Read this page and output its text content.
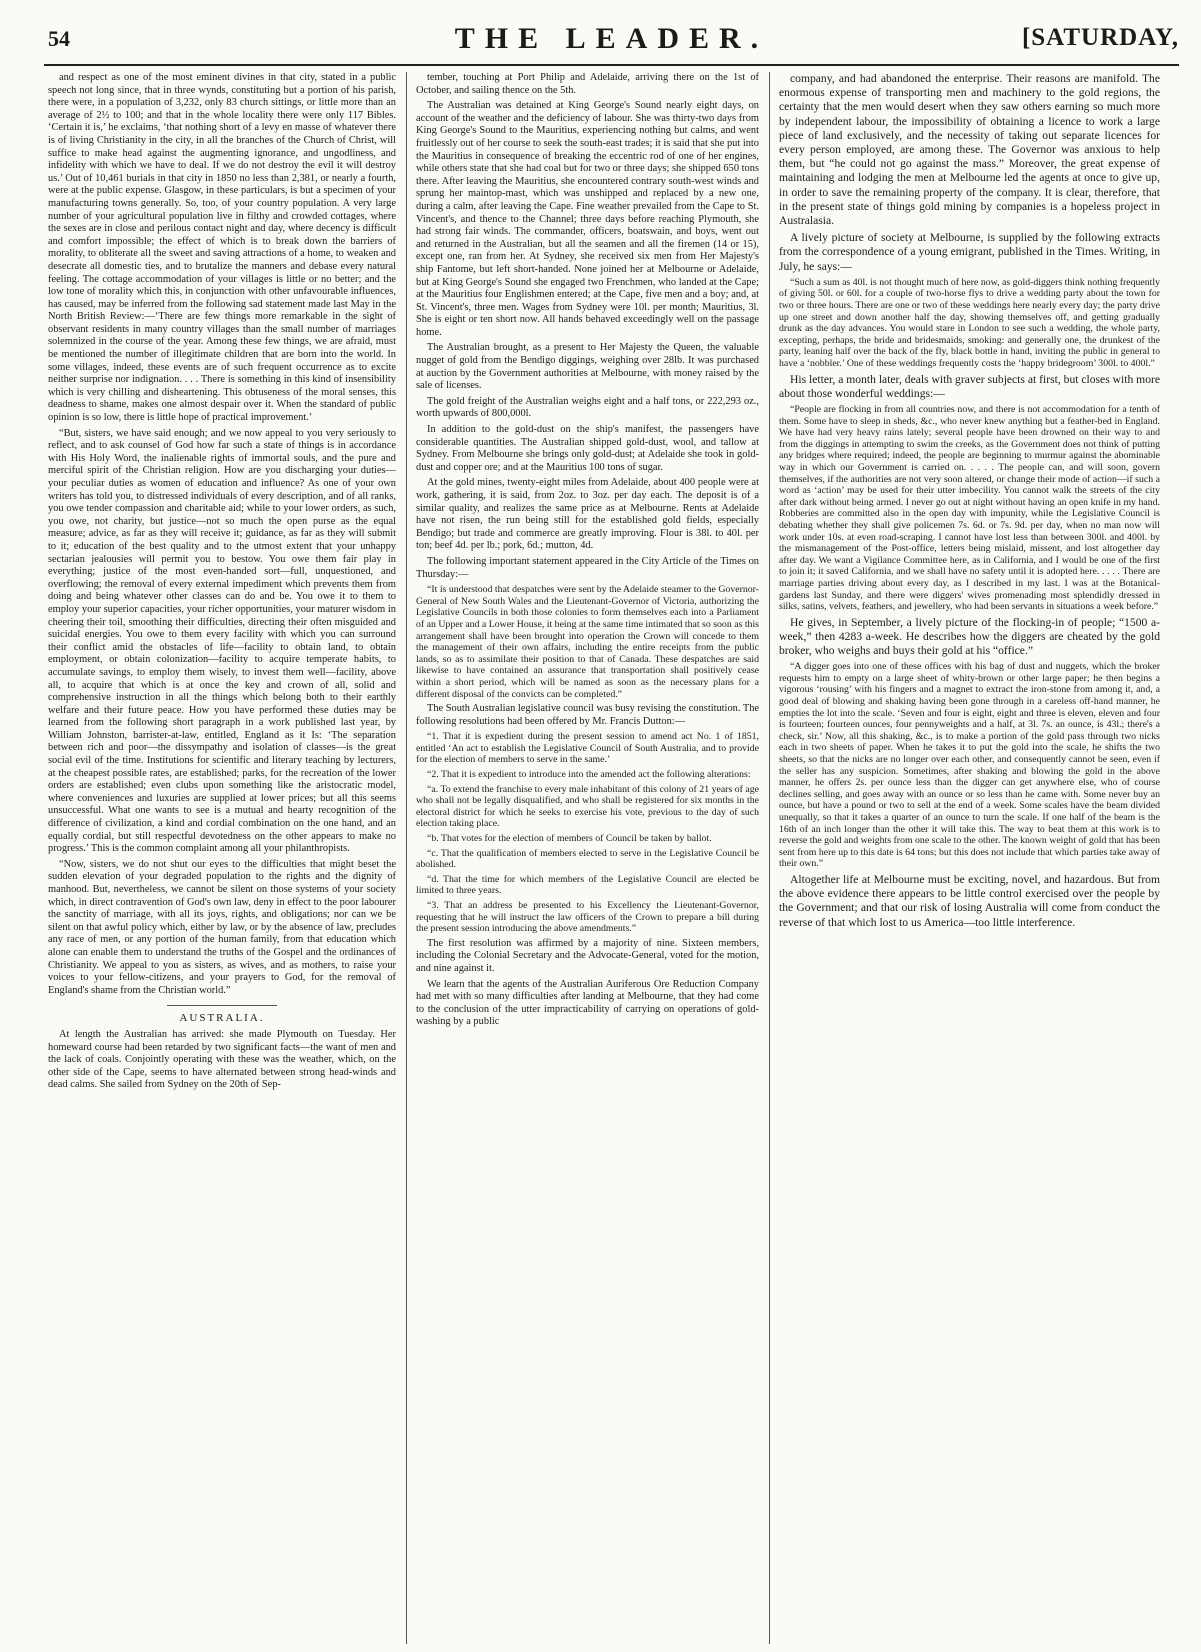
54	THE LEADER.	[SATURDAY,

and respect as one of the most eminent divines in that city, stated in a public speech not long since, that in three wynds, constituting but a portion of his parish, there were, in a population of 3,232, only 83 church sittings, or little more than an average of 2½ to 100; and that in the whole locality there were only 117 Bibles. ‘Certain it is,’ he exclaims, ‘that nothing short of a levy en masse of whatever there is of living Christianity in the city, in all the branches of the Church of Christ, will suffice to make head against the augmenting ignorance, and ungodliness, and infidelity with which we have to deal. If we do not destroy the evil it will destroy us.’ Out of 10,461 burials in that city in 1850 no less than 2,381, or nearly a fourth, were at the public expense. Glasgow, in these particulars, is but a specimen of your manufacturing towns generally. So, too, of your country population. A very large number of your agricultural population live in filthy and crowded cottages, where the sexes are in close and perilous contact night and day, where decency is difficult and comfort impossible; the effect of which is to break down the barriers of morality, to obliterate all the sweet and saving attractions of a home, to weaken and desecrate all domestic ties, and to brutalize the manners and debase every natural feeling. The cottage accommodation of your villages is little or no better; and the low tone of morality which this, in conjunction with other unfavourable influences, has caused, may be inferred from the following sad statement made last May in the North British Review:—‘There are few things more remarkable in the sight of observant residents in many country villages than the small number of marriages solemnized in the course of the year. Among these few things, we are afraid, must be mentioned the number of illegitimate children that are born into the world. In some villages, indeed, these events are of such frequent occurrence as to excite neither surprise nor indignation. . . . There is something in this kind of insensibility which is very chilling and disheartening. This obtuseness of the moral senses, this deadness to shame, makes one almost despair over it. When the standard of public opinion is so low, there is little hope of practical improvement.’

“But, sisters, we have said enough; and we now appeal to you very seriously to reflect, and to ask counsel of God how far such a state of things is in accordance with His Holy Word, the inalienable rights of immortal souls, and the pure and merciful spirit of the Christian religion. How are you discharging your duties—your peculiar duties as women of education and influence? As one of your own writers has told you, to distressed individuals of every description, and of all ranks, you owe tender compassion and charitable aid; while to your lower orders, as such, you owe, not charity, but justice—not so much the open purse as the equal measure; advice, as far as they will receive it; guidance, as far as they will submit to it; education of the best quality and to the utmost extent that your unhappy sectarian jealousies will permit you to bestow. You owe them fair play in everything; justice of the most even-handed sort—full, unquestioned, and overflowing; the removal of every external impediment which prevents them from doing and being whatever other classes can do and be. You owe it to them to employ your superior capacities, your richer opportunities, your maturer wisdom in cheering their toil, smoothing their difficulties, directing their often misguided and suicidal energies. You owe to them every facility with which you can surround their conflict amid the obstacles of life—facility to obtain land, to obtain employment, or obtain colonization—facility to acquire temperate habits, to accumulate savings, to employ them wisely, to invest them well—facility, above all, to acquire that which is at once the key and crown of all, solid and comprehensive instruction in all the things which belong both to their earthly welfare and their future peace. How you have performed these duties may be learned from the following short paragraph in a work published last year, by William Johnston, barrister-at-law, entitled, England as it Is: ‘The separation between rich and poor—the dissympathy and isolation of classes—is the great social evil of the time. Institutions for scientific and literary teaching by lecturers, at the cheapest possible rates, are established; parks, for the recreation of the lower orders are established; even clubs upon something like the aristocratic model, where conveniences and luxuries are supplied at lower prices; but all this seems unsuccessful. What one wants to see is a mutual and hearty recognition of the difference of civilization, a kind and cordial combination on the one hand, and an equally cordial, but still respectful devotedness on the other appears to make no progress.’ This is the common complaint among all your philanthropists.

“Now, sisters, we do not shut our eyes to the difficulties that might beset the sudden elevation of your degraded population to the rights and the dignity of manhood. But, nevertheless, we cannot be silent on those systems of your society which, in direct contravention of God's own law, deny in effect to the poor labourer the sanctity of marriage, with all its joys, rights, and obligations; nor can we be silent on that awful policy which, either by law, or by the absence of law, precludes any race of men, or any portion of the human family, from that education which alone can enable them to understand the truths of the Gospel and the ordinances of Christianity. We appeal to you as sisters, as wives, and as mothers, to raise your voices to your fellow-citizens, and your prayers to God, for the removal of England's shame from the Christian world.”

AUSTRALIA.

At length the Australian has arrived: she made Plymouth on Tuesday. Her homeward course had been retarded by two significant facts—the want of men and the lack of coals. Conjointly operating with these was the weather, which, on the other side of the Cape, seems to have alternated between strong head-winds and dead calms. She sailed from Sydney on the 20th of Sep-

tember, touching at Port Philip and Adelaide, arriving there on the 1st of October, and sailing thence on the 5th.

The Australian was detained at King George's Sound nearly eight days, on account of the weather and the deficiency of labour. She was thirty-two days from King George's Sound to the Mauritius, experiencing nothing but calms, and went fruitlessly out of her course to seek the south-east trades; it is said that she put into the Mauritius in consequence of breaking the eccentric rod of one of her engines, while others state that she had coal but for two or three days; she shipped 650 tons there. After leaving the Mauritius, she encountered contrary south-west winds and sprung her maintop-mast, which was unshipped and replaced by a new one, during a calm, after leaving the Cape. Fine weather prevailed from the Cape to St. Vincent's, and thence to the Channel; three days before reaching Plymouth, she had strong fair winds. The commander, officers, boatswain, and boys, went out and returned in the Australian, but all the seamen and all the firemen (14 or 15), except one, ran from her. At Sydney, she received six men from Her Majesty's ship Fantome, but left short-handed. None joined her at Melbourne or Adelaide, but at King George's Sound she engaged two Frenchmen, who landed at the Cape; at the Mauritius four Englishmen entered; at the Cape, five men and a boy; and, at St. Vincent's, three men. Wages from Sydney were 10l. per month; Mauritius, 3l. She is eight or ten short now. All hands behaved exceedingly well on the passage home.

The Australian brought, as a present to Her Majesty the Queen, the valuable nugget of gold from the Bendigo diggings, weighing over 28lb. It was purchased at auction by the Government authorities at Melbourne, with money raised by the sale of licenses.

The gold freight of the Australian weighs eight and a half tons, or 222,293 oz., worth upwards of 800,000l.

In addition to the gold-dust on the ship's manifest, the passengers have considerable quantities. The Australian shipped gold-dust, wool, and tallow at Sydney. From Melbourne she brings only gold-dust; at Adelaide she took in gold-dust and copper ore; and at the Mauritius 100 tons of sugar.

At the gold mines, twenty-eight miles from Adelaide, about 400 people were at work, gathering, it is said, from 2oz. to 3oz. per day each. The deposit is of a similar quality, and realizes the same price as at Melbourne. Rents at Adelaide have not risen, the run being still for the established gold fields, especially Bendigo; but trade and commerce are greatly improving. Flour is 38l. to 40l. per ton; beef 4d. per lb.; pork, 6d.; mutton, 4d.

The following important statement appeared in the City Article of the Times on Thursday:—

“It is understood that despatches were sent by the Adelaide steamer to the Governor-General of New South Wales and the Lieutenant-Governor of Victoria, authorizing the Legislative Councils in both those colonies to form themselves each into a Parliament of an Upper and a Lower House, it being at the same time intimated that so soon as this arrangement shall have been brought into operation the Crown will concede to them the management of their own affairs, including the entire receipts from the public lands, so as to assimilate their position to that of Canada. These despatches are said likewise to have contained an assurance that transportation shall positively cease within a short period, which will be named as soon as the necessary plans for a different disposal of the convicts can be completed.”

The South Australian legislative council was busy revising the constitution. The following resolutions had been offered by Mr. Francis Dutton:—

“1. That it is expedient during the present session to amend act No. 1 of 1851, entitled ‘An act to establish the Legislative Council of South Australia, and to provide for the election of members to serve in the same.’

“2. That it is expedient to introduce into the amended act the following alterations:

“a. To extend the franchise to every male inhabitant of this colony of 21 years of age who shall not be legally disqualified, and who shall be registered for six months in the electoral district for which he seeks to exercise his vote, previous to the day of such election taking place.

“b. That votes for the election of members of Council be taken by ballot.

“c. That the qualification of members elected to serve in the Legislative Council be abolished.

“d. That the time for which members of the Legislative Council are elected be limited to three years.

“3. That an address be presented to his Excellency the Lieutenant-Governor, requesting that he will instruct the law officers of the Crown to prepare a bill during the present session introducing the above amendments.”

The first resolution was affirmed by a majority of nine. Sixteen members, including the Colonial Secretary and the Advocate-General, voted for the motion, and nine against it.

We learn that the agents of the Australian Auriferous Ore Reduction Company had met with so many difficulties after landing at Melbourne, that they had come to the conclusion of the utter impracticability of carrying on operations of gold-washing by a public

company, and had abandoned the enterprise. Their reasons are manifold. The enormous expense of transporting men and machinery to the gold regions, the certainty that the men would desert when they saw others earning so much more by independent labour, the impossibility of obtaining a licence to work a large piece of land exclusively, and the necessity of taking out separate licences for every person employed, are among these. The Governor was anxious to help them, but “he could not go against the mass.” Moreover, the great expense of maintaining and lodging the men at Melbourne led the agents at once to give up, in order to save the remaining property of the company. It is clear, therefore, that in the present state of things gold mining by companies is a hopeless project in Australasia.

A lively picture of society at Melbourne, is supplied by the following extracts from the correspondence of a young emigrant, published in the Times. Writing, in July, he says:—

“Such a sum as 40l. is not thought much of here now, as gold-diggers think nothing frequently of giving 50l. or 60l. for a couple of two-horse flys to drive a wedding party about the town for two or three hours. There are one or two of these weddings here nearly every day; the party drive up one street and down another half the day, showing themselves off, and getting gradually drunk as the day advances. You would stare in London to see such a wedding, the whole party, excepting, perhaps, the bride and bridesmaids, smoking: and generally one, the drunkest of the party, leaning half over the back of the fly, black bottle in hand, inviting the public in general to have a ‘nobbler.’ One of these weddings frequently costs the ‘happy bridegroom’ 300l. to 400l.”

His letter, a month later, deals with graver subjects at first, but closes with more about those wonderful weddings:—

“People are flocking in from all countries now, and there is not accommodation for a tenth of them. Some have to sleep in sheds, &c., who never knew anything but a feather-bed in England. We have had very heavy rains lately; several people have been drowned on their way to and from the diggings in attempting to swim the creeks, as the Government does not think of putting any bridges where required; indeed, the people are beginning to murmur against the abominable way in which our Government is carried on. . . . . The people can, and will soon, govern themselves, if the authorities are not very soon altered, or change their mode of action—if such a word as ‘action’ may be used for their utter imbecility. You cannot walk the streets of the city after dark without being armed. I never go out at night without having an open knife in my hand. Robberies are committed also in the open day with impunity, while the Legislative Council is debating whether they shall give policemen 7s. 6d. or 7s. 9d. per day, when no man now will work under 10s. at even road-scraping. I cannot have lost less than between 300l. and 400l. by the mismanagement of the Post-office, letters being mislaid, missent, and lost altogether day after day. We want a Vigilance Committee here, as in California, and I would be one of the first to join it; it saved California, and we shall have no safety until it is adopted here. . . . . There are marriage parties driving about every day, as I described in my last. I was at the Botanical-gardens last Sunday, and there were diggers' wives promenading most splendidly dressed in silks, satins, velvets, feathers, and jewellery, who had been servants in situations a week before.”

He gives, in September, a lively picture of the flocking-in of people; “1500 a-week,” then 4283 a-week. He describes how the diggers are cheated by the gold broker, who weighs and buys their gold at his “office.”

“A digger goes into one of these offices with his bag of dust and nuggets, which the broker requests him to empty on a large sheet of whity-brown or other large paper; he then begins a vigorous ‘rousing’ with his fingers and a magnet to extract the iron-stone from among it, and, a good deal of blowing and shaking having been gone through in a careless off-hand manner, he empties the lot into the scale. ‘Seven and four is eight, eight and three is eleven, eleven and four is fourteen; fourteen ounces, four pennyweights and a half, at 3l. 7s. an ounce, is 43l.; there's a check, sir.’ Now, all this shaking, &c., is to make a portion of the gold pass through two nicks each in two sheets of paper. When he takes it to put the gold into the scale, he shifts the two sheets, so that the nicks are no longer over each other, and consequently cannot be seen, even if the seller has any suspicion. Sometimes, after shaking and blowing the gold in the above manner, he offers 2s. per ounce less than the digger can get anywhere else, who of course declines selling, and goes away with an ounce or so less than he came with. Some never buy an ounce, but have a pound or two to sell at the end of a week. Some scales have the beam divided unequally, so that it takes a quarter of an ounce to turn the scale. If one half of the beam is the 16th of an inch longer than the other it will take this. The way to beat them at this work is to reverse the gold and weights from one scale to the other. The known weight of gold that has been sent from here up to this date is 64 tons; but this does not include that which parties take away of their own.”

Altogether life at Melbourne must be exciting, novel, and hazardous. But from the above evidence there appears to be little control exercised over the people by the Government; and that our risk of losing Australia will come from conduct the reverse of that which lost to us America—too little interference.
